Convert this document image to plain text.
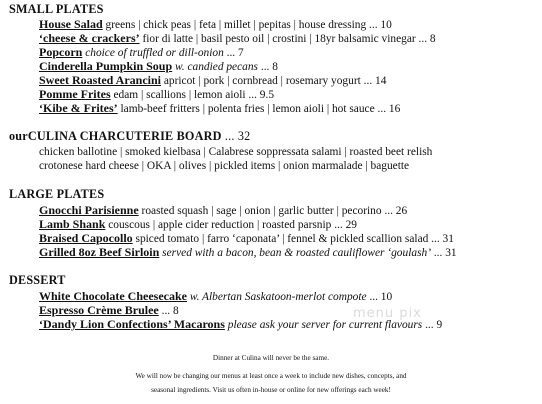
SMALL PLATES
House Salad greens | chick peas | feta | millet | pepitas | house dressing ... 10
‘cheese & crackers’ fior di latte | basil pesto oil | crostini | 18yr balsamic vinegar ... 8
Popcorn choice of truffled or dill-onion ... 7
Cinderella Pumpkin Soup w. candied pecans ... 8
Sweet Roasted Arancini apricot | pork | cornbread | rosemary yogurt ... 14
Pomme Frites edam | scallions | lemon aioli ... 9.5
‘Kibe & Frites’ lamb-beef fritters | polenta fries | lemon aioli | hot sauce ... 16
ourCULINA CHARCUTERIE BOARD ... 32
chicken ballotine | smoked kielbasa | Calabrese soppressata salami | roasted beet relish
crotonese hard cheese | OKA | olives | pickled items | onion marmalade | baguette
LARGE PLATES
Gnocchi Parisienne roasted squash | sage | onion | garlic butter | pecorino ... 26
Lamb Shank couscous | apple cider reduction | roasted parsnip ... 29
Braised Capocollo spiced tomato | farro ‘caponata’ | fennel & pickled scallion salad ... 31
Grilled 8oz Beef Sirloin served with a bacon, bean & roasted cauliflower ‘goulash’ ... 31
DESSERT
White Chocolate Cheesecake w. Albertan Saskatoon-merlot compote ... 10
Espresso Crème Brulee ... 8
‘Dandy Lion Confections’ Macarons please ask your server for current flavours ... 9
menu pix
Dinner at Culina will never be the same.
We will now be changing our menus at least once a week to include new dishes, concepts, and
seasonal ingredients. Visit us often in-house or online for new offerings each week!
